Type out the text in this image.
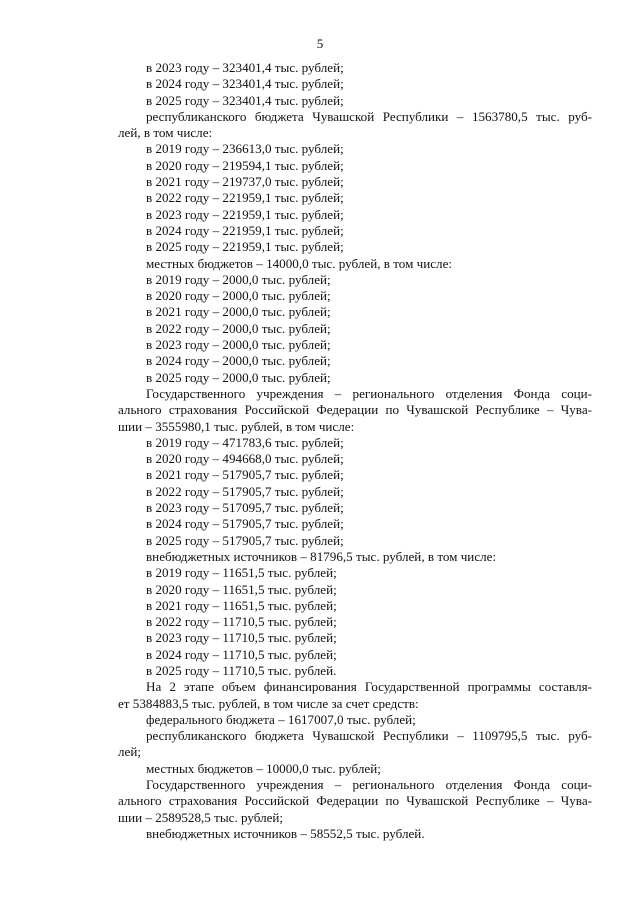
5
в 2023 году – 323401,4 тыс. рублей;
в 2024 году – 323401,4 тыс. рублей;
в 2025 году – 323401,4 тыс. рублей;
республиканского бюджета Чувашской Республики – 1563780,5 тыс. руб-
лей, в том числе:
в 2019 году – 236613,0 тыс. рублей;
в 2020 году – 219594,1 тыс. рублей;
в 2021 году – 219737,0 тыс. рублей;
в 2022 году – 221959,1 тыс. рублей;
в 2023 году – 221959,1 тыс. рублей;
в 2024 году – 221959,1 тыс. рублей;
в 2025 году – 221959,1 тыс. рублей;
местных бюджетов – 14000,0 тыс. рублей, в том числе:
в 2019 году – 2000,0 тыс. рублей;
в 2020 году – 2000,0 тыс. рублей;
в 2021 году – 2000,0 тыс. рублей;
в 2022 году – 2000,0 тыс. рублей;
в 2023 году – 2000,0 тыс. рублей;
в 2024 году – 2000,0 тыс. рублей;
в 2025 году – 2000,0 тыс. рублей;
Государственного учреждения – регионального отделения Фонда соци-
ального страхования Российской Федерации по Чувашской Республике – Чува-
шии – 3555980,1 тыс. рублей, в том числе:
в 2019 году – 471783,6 тыс. рублей;
в 2020 году – 494668,0 тыс. рублей;
в 2021 году – 517905,7 тыс. рублей;
в 2022 году – 517905,7 тыс. рублей;
в 2023 году – 517095,7 тыс. рублей;
в 2024 году – 517905,7 тыс. рублей;
в 2025 году – 517905,7 тыс. рублей;
внебюджетных источников – 81796,5 тыс. рублей, в том числе:
в 2019 году – 11651,5 тыс. рублей;
в 2020 году – 11651,5 тыс. рублей;
в 2021 году – 11651,5 тыс. рублей;
в 2022 году – 11710,5 тыс. рублей;
в 2023 году – 11710,5 тыс. рублей;
в 2024 году – 11710,5 тыс. рублей;
в 2025 году – 11710,5 тыс. рублей.
На 2 этапе объем финансирования Государственной программы составля-
ет 5384883,5 тыс. рублей, в том числе за счет средств:
федерального бюджета – 1617007,0 тыс. рублей;
республиканского бюджета Чувашской Республики – 1109795,5 тыс. руб-
лей;
местных бюджетов – 10000,0 тыс. рублей;
Государственного учреждения – регионального отделения Фонда соци-
ального страхования Российской Федерации по Чувашской Республике – Чува-
шии – 2589528,5 тыс. рублей;
внебюджетных источников – 58552,5 тыс. рублей.
